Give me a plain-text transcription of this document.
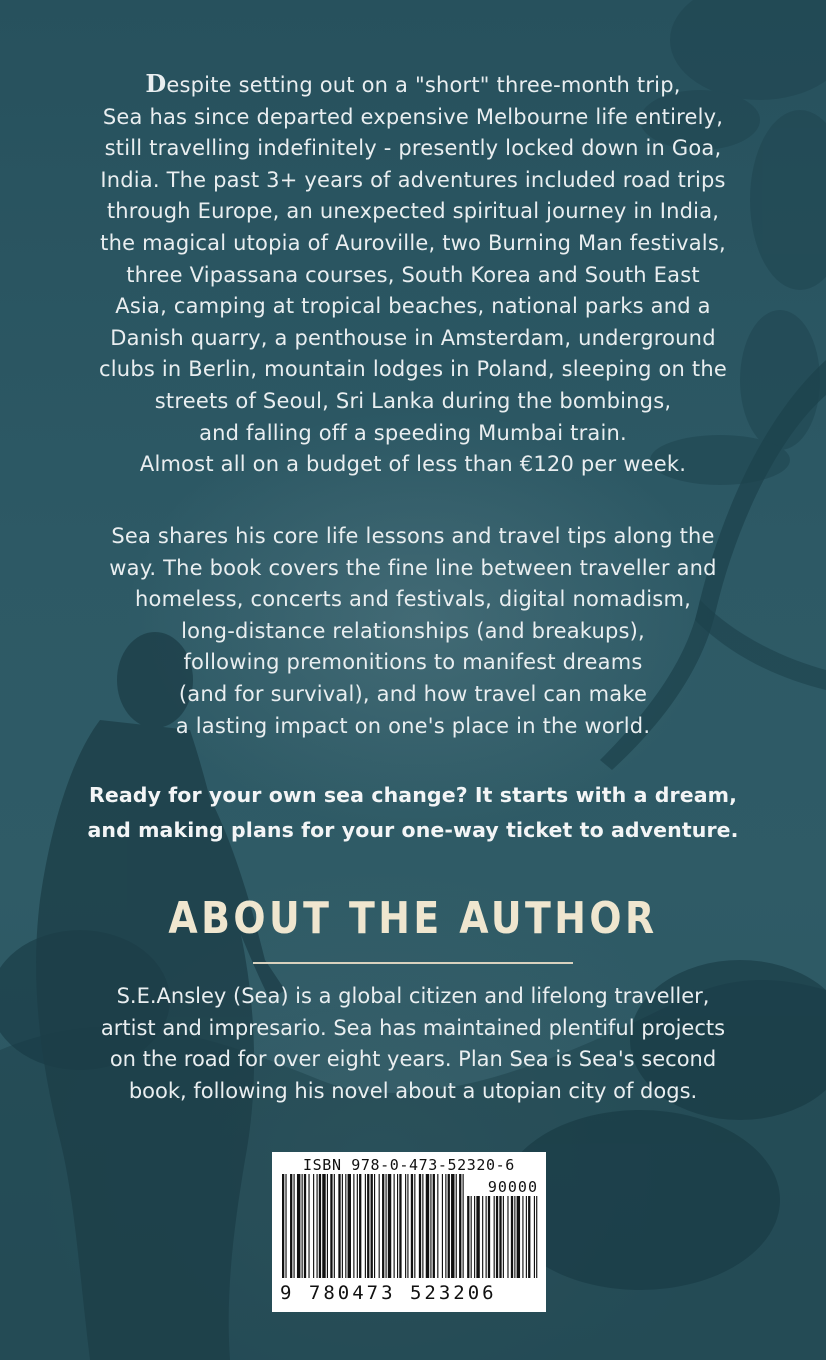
Despite setting out on a "short" three-month trip,
Sea has since departed expensive Melbourne life entirely,
still travelling indefinitely - presently locked down in Goa,
India. The past 3+ years of adventures included road trips
through Europe, an unexpected spiritual journey in India,
the magical utopia of Auroville, two Burning Man festivals,
three Vipassana courses, South Korea and South East
Asia, camping at tropical beaches, national parks and a
Danish quarry, a penthouse in Amsterdam, underground
clubs in Berlin, mountain lodges in Poland, sleeping on the
streets of Seoul, Sri Lanka during the bombings,
and falling off a speeding Mumbai train.
Almost all on a budget of less than €120 per week.
Sea shares his core life lessons and travel tips along the
way. The book covers the fine line between traveller and
homeless, concerts and festivals, digital nomadism,
long-distance relationships (and breakups),
following premonitions to manifest dreams
(and for survival), and how travel can make
a lasting impact on one's place in the world.
Ready for your own sea change? It starts with a dream,
and making plans for your one-way ticket to adventure.
ABOUT THE AUTHOR
S.E.Ansley (Sea) is a global citizen and lifelong traveller,
artist and impresario. Sea has maintained plentiful projects
on the road for over eight years. Plan Sea is Sea's second
book, following his novel about a utopian city of dogs.
ISBN 978-0-473-52320-6
90000
9 780473 523206
